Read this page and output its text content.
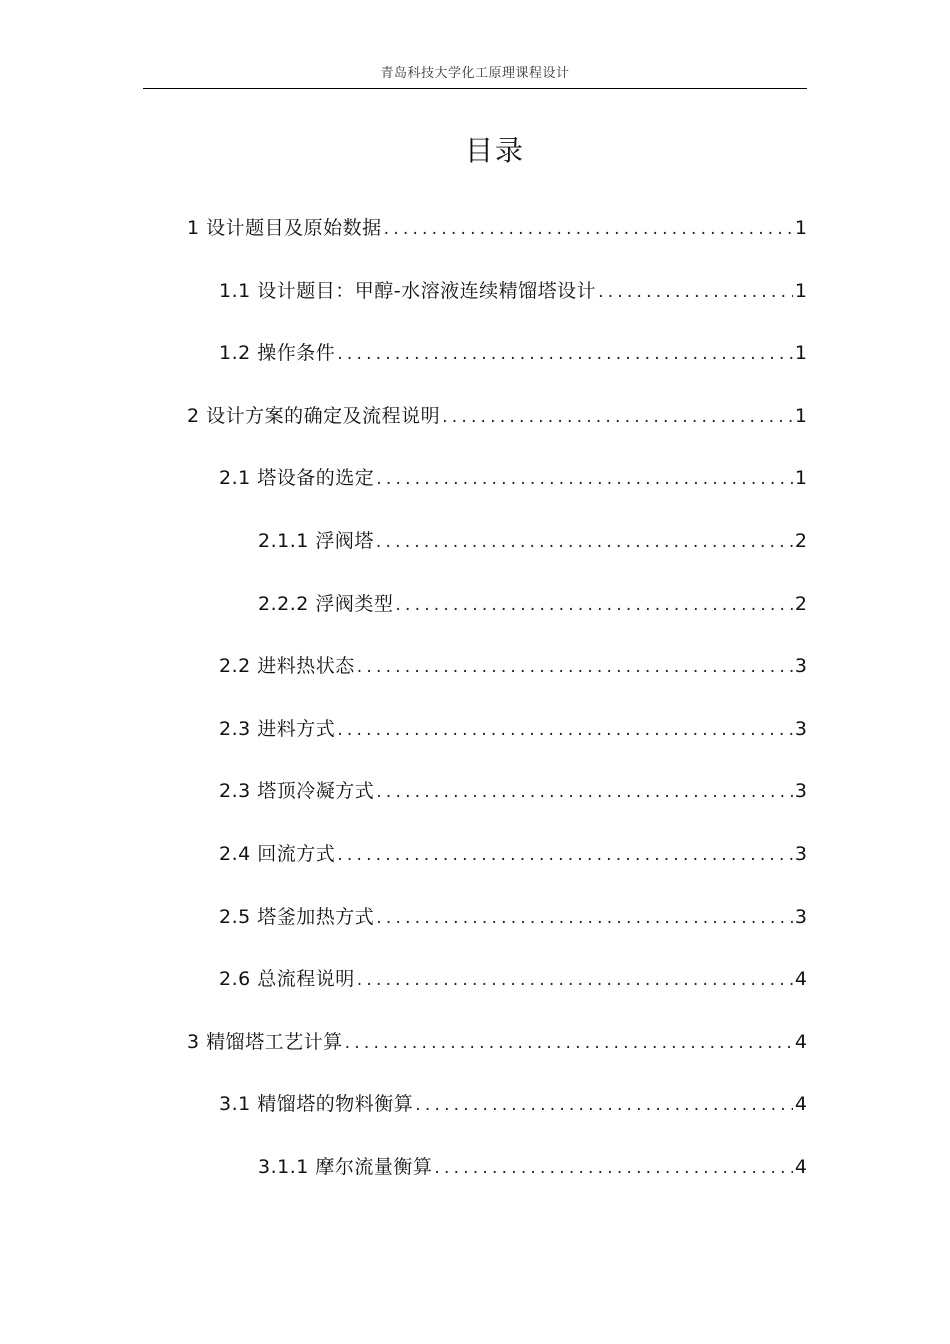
青岛科技大学化工原理课程设计
目录
1 设计题目及原始数据 .....	1
1.1 设计题目：甲醇-水溶液连续精馏塔设计 .....	1
1.2 操作条件 .....	1
2 设计方案的确定及流程说明 .....	1
2.1 塔设备的选定 .....	1
2.1.1 浮阀塔 .....	2
2.2.2 浮阀类型 .....	2
2.2 进料热状态 .....	3
2.3 进料方式 .....	3
2.3 塔顶冷凝方式 .....	3
2.4 回流方式 .....	3
2.5 塔釜加热方式 .....	3
2.6 总流程说明 .....	4
3 精馏塔工艺计算 .....	4
3.1 精馏塔的物料衡算 .....	4
3.1.1 摩尔流量衡算 .....	4
